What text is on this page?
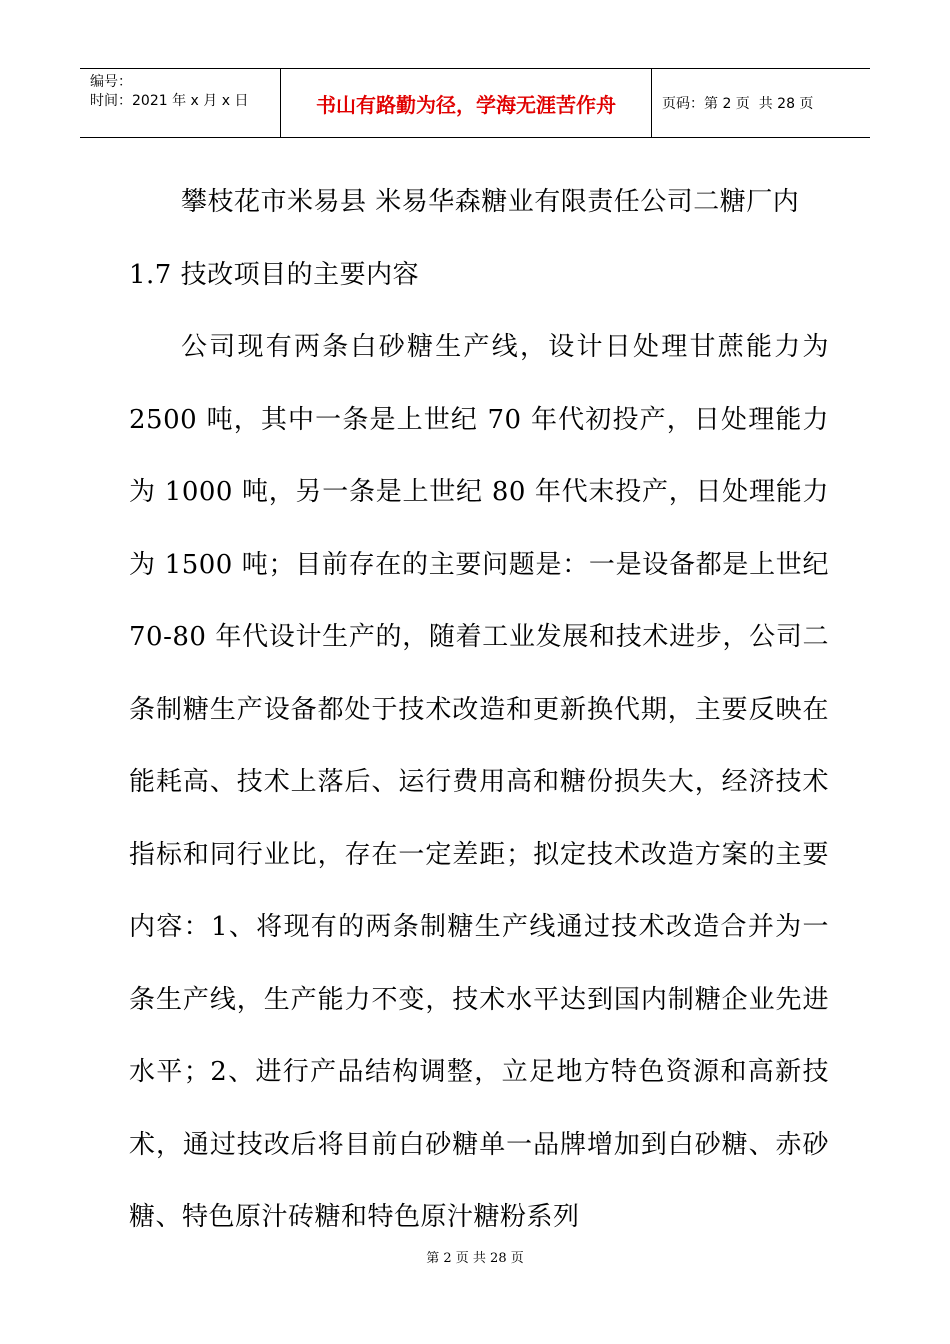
编号：
时间：2021 年 x 月 x 日	书山有路勤为径，学海无涯苦作舟	页码：第 2 页  共 28 页

攀枝花市米易县 米易华森糖业有限责任公司二糖厂内

1.7 技改项目的主要内容

公司现有两条白砂糖生产线，设计日处理甘蔗能力为 2500 吨，其中一条是上世纪 70 年代初投产，日处理能力为 1000 吨，另一条是上世纪 80 年代末投产，日处理能力为 1500 吨；目前存在的主要问题是：一是设备都是上世纪 70-80 年代设计生产的，随着工业发展和技术进步，公司二条制糖生产设备都处于技术改造和更新换代期，主要反映在能耗高、技术上落后、运行费用高和糖份损失大，经济技术指标和同行业比，存在一定差距；拟定技术改造方案的主要内容：1、将现有的两条制糖生产线通过技术改造合并为一条生产线，生产能力不变，技术水平达到国内制糖企业先进水平；2、进行产品结构调整，立足地方特色资源和高新技术，通过技改后将目前白砂糖单一品牌增加到白砂糖、赤砂糖、特色原汁砖糖和特色原汁糖粉系列

第 2 页 共 28 页
